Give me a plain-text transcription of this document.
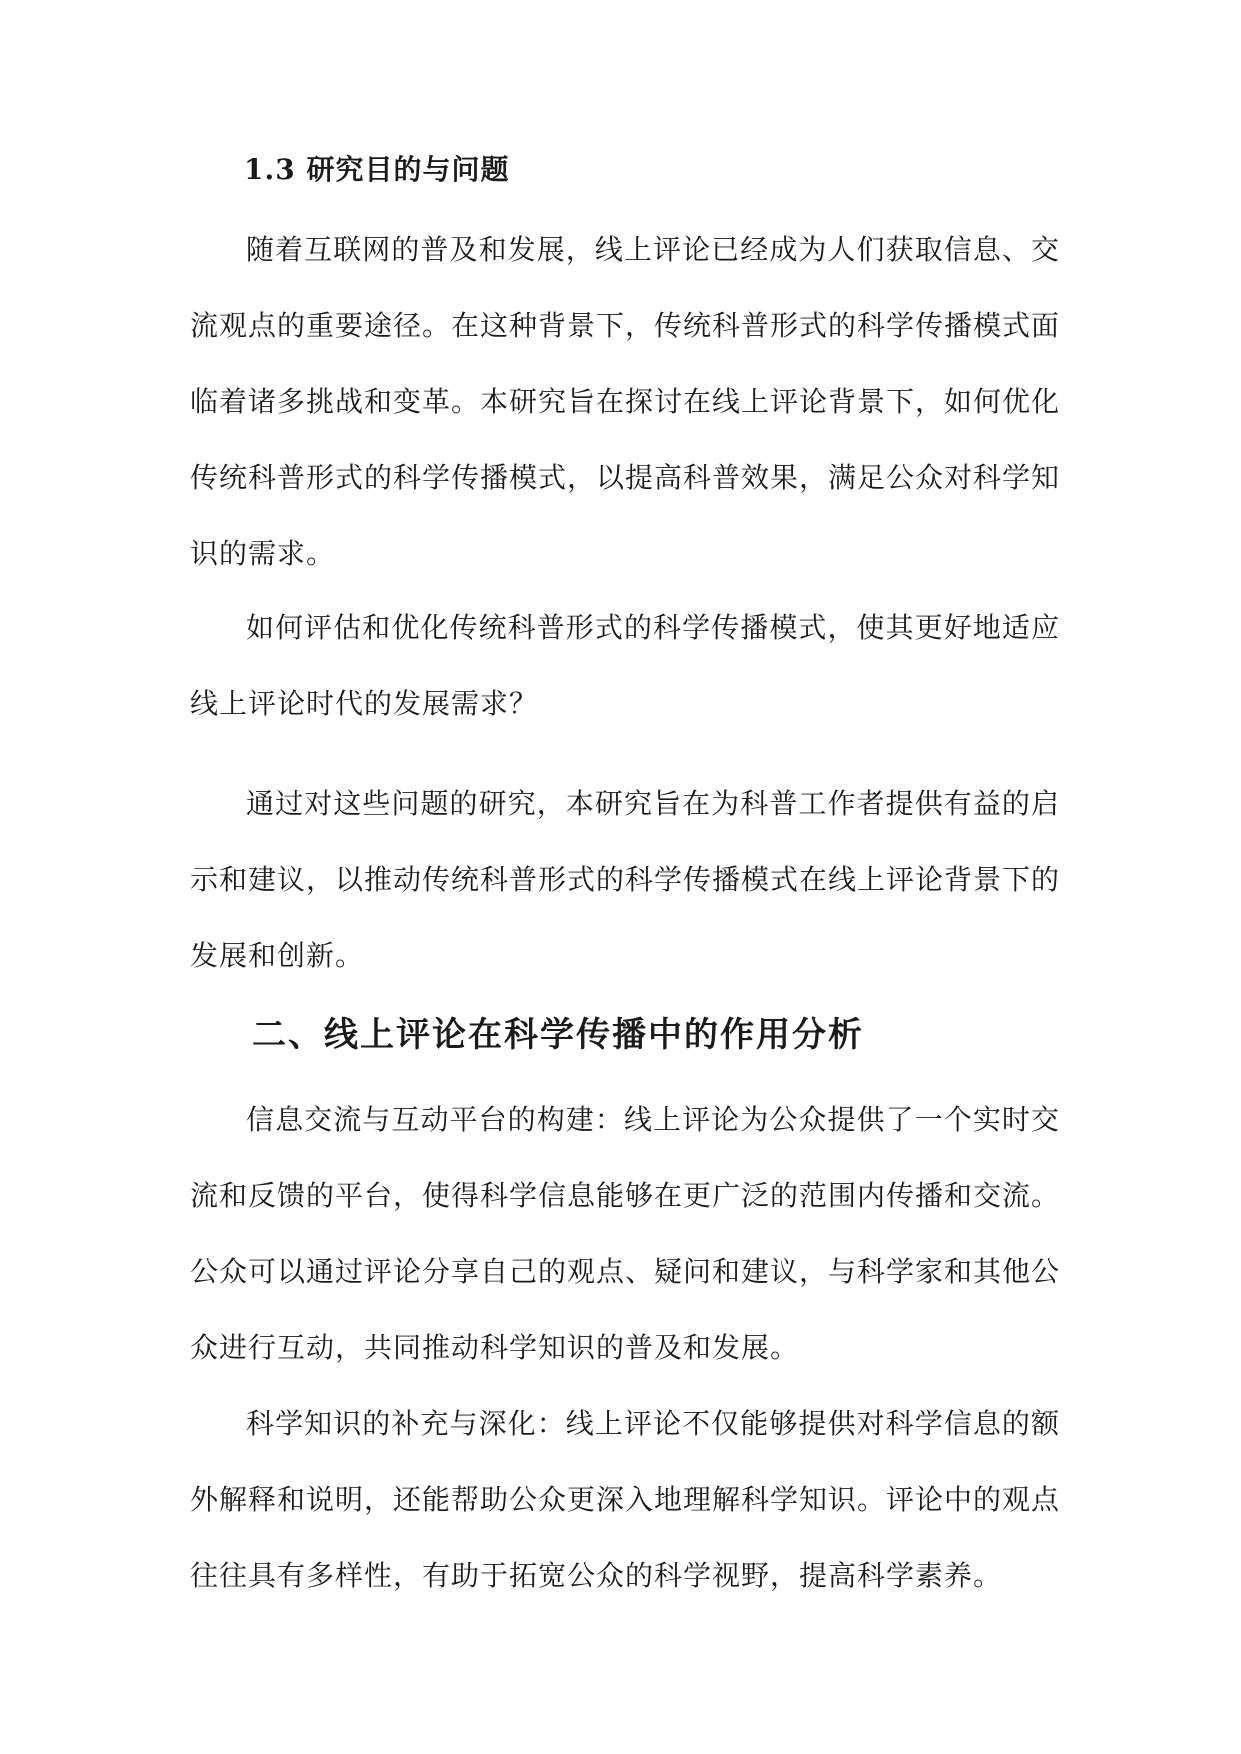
1.3 研究目的与问题

随着互联网的普及和发展，线上评论已经成为人们获取信息、交流观点的重要途径。在这种背景下，传统科普形式的科学传播模式面临着诸多挑战和变革。本研究旨在探讨在线上评论背景下，如何优化传统科普形式的科学传播模式，以提高科普效果，满足公众对科学知识的需求。

如何评估和优化传统科普形式的科学传播模式，使其更好地适应线上评论时代的发展需求？

通过对这些问题的研究，本研究旨在为科普工作者提供有益的启示和建议，以推动传统科普形式的科学传播模式在线上评论背景下的发展和创新。

二、线上评论在科学传播中的作用分析

信息交流与互动平台的构建：线上评论为公众提供了一个实时交流和反馈的平台，使得科学信息能够在更广泛的范围内传播和交流。公众可以通过评论分享自己的观点、疑问和建议，与科学家和其他公众进行互动，共同推动科学知识的普及和发展。

科学知识的补充与深化：线上评论不仅能够提供对科学信息的额外解释和说明，还能帮助公众更深入地理解科学知识。评论中的观点往往具有多样性，有助于拓宽公众的科学视野，提高科学素养。
